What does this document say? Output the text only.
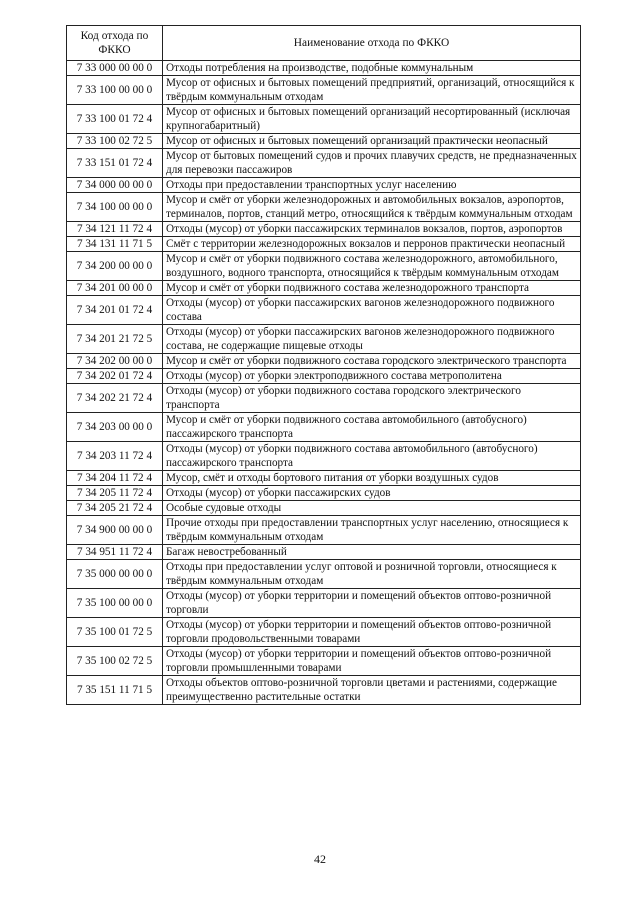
Код отхода по ФККО	Наименование отхода по ФККО
7 33 000 00 00 0	Отходы потребления на производстве, подобные коммунальным
7 33 100 00 00 0	Мусор от офисных и бытовых помещений предприятий, организаций, относящийся к твёрдым коммунальным отходам
7 33 100 01 72 4	Мусор от офисных и бытовых помещений организаций несортированный (исключая крупногабаритный)
7 33 100 02 72 5	Мусор от офисных и бытовых помещений организаций практически неопасный
7 33 151 01 72 4	Мусор от бытовых помещений судов и прочих плавучих средств, не предназначенных для перевозки пассажиров
7 34 000 00 00 0	Отходы при предоставлении транспортных услуг населению
7 34 100 00 00 0	Мусор и смёт от уборки железнодорожных и автомобильных вокзалов, аэропортов, терминалов, портов, станций метро, относящийся к твёрдым коммунальным отходам
7 34 121 11 72 4	Отходы (мусор) от уборки пассажирских терминалов вокзалов, портов, аэропортов
7 34 131 11 71 5	Смёт с территории железнодорожных вокзалов и перронов практически неопасный
7 34 200 00 00 0	Мусор и смёт от уборки подвижного состава железнодорожного, автомобильного, воздушного, водного транспорта, относящийся к твёрдым коммунальным отходам
7 34 201 00 00 0	Мусор и смёт от уборки подвижного состава железнодорожного транспорта
7 34 201 01 72 4	Отходы (мусор) от уборки пассажирских вагонов железнодорожного подвижного состава
7 34 201 21 72 5	Отходы (мусор) от уборки пассажирских вагонов железнодорожного подвижного состава, не содержащие пищевые отходы
7 34 202 00 00 0	Мусор и смёт от уборки подвижного состава городского электрического транспорта
7 34 202 01 72 4	Отходы (мусор) от уборки электроподвижного состава метрополитена
7 34 202 21 72 4	Отходы (мусор) от уборки подвижного состава городского электрического транспорта
7 34 203 00 00 0	Мусор и смёт от уборки подвижного состава автомобильного (автобусного) пассажирского транспорта
7 34 203 11 72 4	Отходы (мусор) от уборки подвижного состава автомобильного (автобусного) пассажирского транспорта
7 34 204 11 72 4	Мусор, смёт и отходы бортового питания от уборки воздушных судов
7 34 205 11 72 4	Отходы (мусор) от уборки пассажирских судов
7 34 205 21 72 4	Особые судовые отходы
7 34 900 00 00 0	Прочие отходы при предоставлении транспортных услуг населению, относящиеся к твёрдым коммунальным отходам
7 34 951 11 72 4	Багаж невостребованный
7 35 000 00 00 0	Отходы при предоставлении услуг оптовой и розничной торговли, относящиеся к твёрдым коммунальным отходам
7 35 100 00 00 0	Отходы (мусор) от уборки территории и помещений объектов оптово-розничной торговли
7 35 100 01 72 5	Отходы (мусор) от уборки территории и помещений объектов оптово-розничной торговли продовольственными товарами
7 35 100 02 72 5	Отходы (мусор) от уборки территории и помещений объектов оптово-розничной торговли промышленными товарами
7 35 151 11 71 5	Отходы объектов оптово-розничной торговли цветами и растениями, содержащие преимущественно растительные остатки
42
